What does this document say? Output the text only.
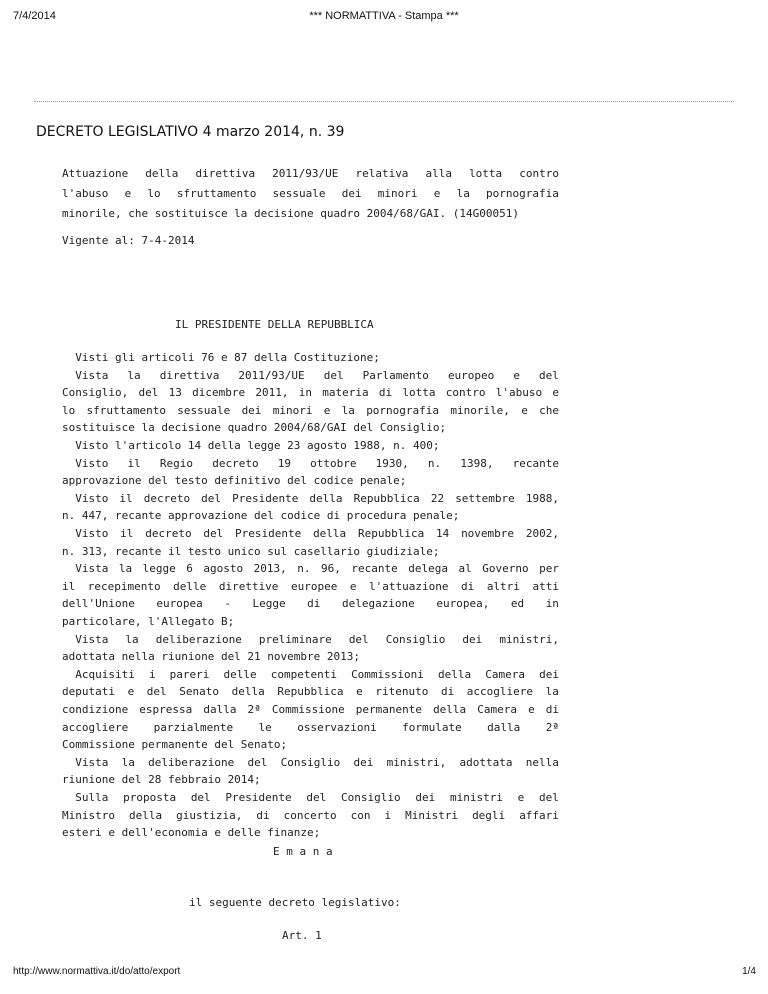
7/4/2014	*** NORMATTIVA - Stampa ***
DECRETO LEGISLATIVO 4 marzo 2014, n. 39
Attuazione della direttiva 2011/93/UE relativa alla lotta contro
l'abuso e lo sfruttamento sessuale dei minori e la pornografia
minorile, che sostituisce la decisione quadro 2004/68/GAI. (14G00051)
Vigente al: 7-4-2014
IL PRESIDENTE DELLA REPUBBLICA
Visti gli articoli 76 e 87 della Costituzione;
Vista la direttiva 2011/93/UE del Parlamento europeo e del
Consiglio, del 13 dicembre 2011, in materia di lotta contro l'abuso e
lo sfruttamento sessuale dei minori e la pornografia minorile, e che
sostituisce la decisione quadro 2004/68/GAI del Consiglio;
Visto l'articolo 14 della legge 23 agosto 1988, n. 400;
Visto il Regio decreto 19 ottobre 1930, n. 1398, recante
approvazione del testo definitivo del codice penale;
Visto il decreto del Presidente della Repubblica 22 settembre 1988,
n. 447, recante approvazione del codice di procedura penale;
Visto il decreto del Presidente della Repubblica 14 novembre 2002,
n. 313, recante il testo unico sul casellario giudiziale;
Vista la legge 6 agosto 2013, n. 96, recante delega al Governo per
il recepimento delle direttive europee e l'attuazione di altri atti
dell'Unione europea - Legge di delegazione europea, ed in
particolare, l'Allegato B;
Vista la deliberazione preliminare del Consiglio dei ministri,
adottata nella riunione del 21 novembre 2013;
Acquisiti i pareri delle competenti Commissioni della Camera dei
deputati e del Senato della Repubblica e ritenuto di accogliere la
condizione espressa dalla 2ª Commissione permanente della Camera e di
accogliere parzialmente le osservazioni formulate dalla 2ª
Commissione permanente del Senato;
Vista la deliberazione del Consiglio dei ministri, adottata nella
riunione del 28 febbraio 2014;
Sulla proposta del Presidente del Consiglio dei ministri e del
Ministro della giustizia, di concerto con i Ministri degli affari
esteri e dell'economia e delle finanze;
E m a n a
il seguente decreto legislativo:
Art. 1
http://www.normattiva.it/do/atto/export	1/4
